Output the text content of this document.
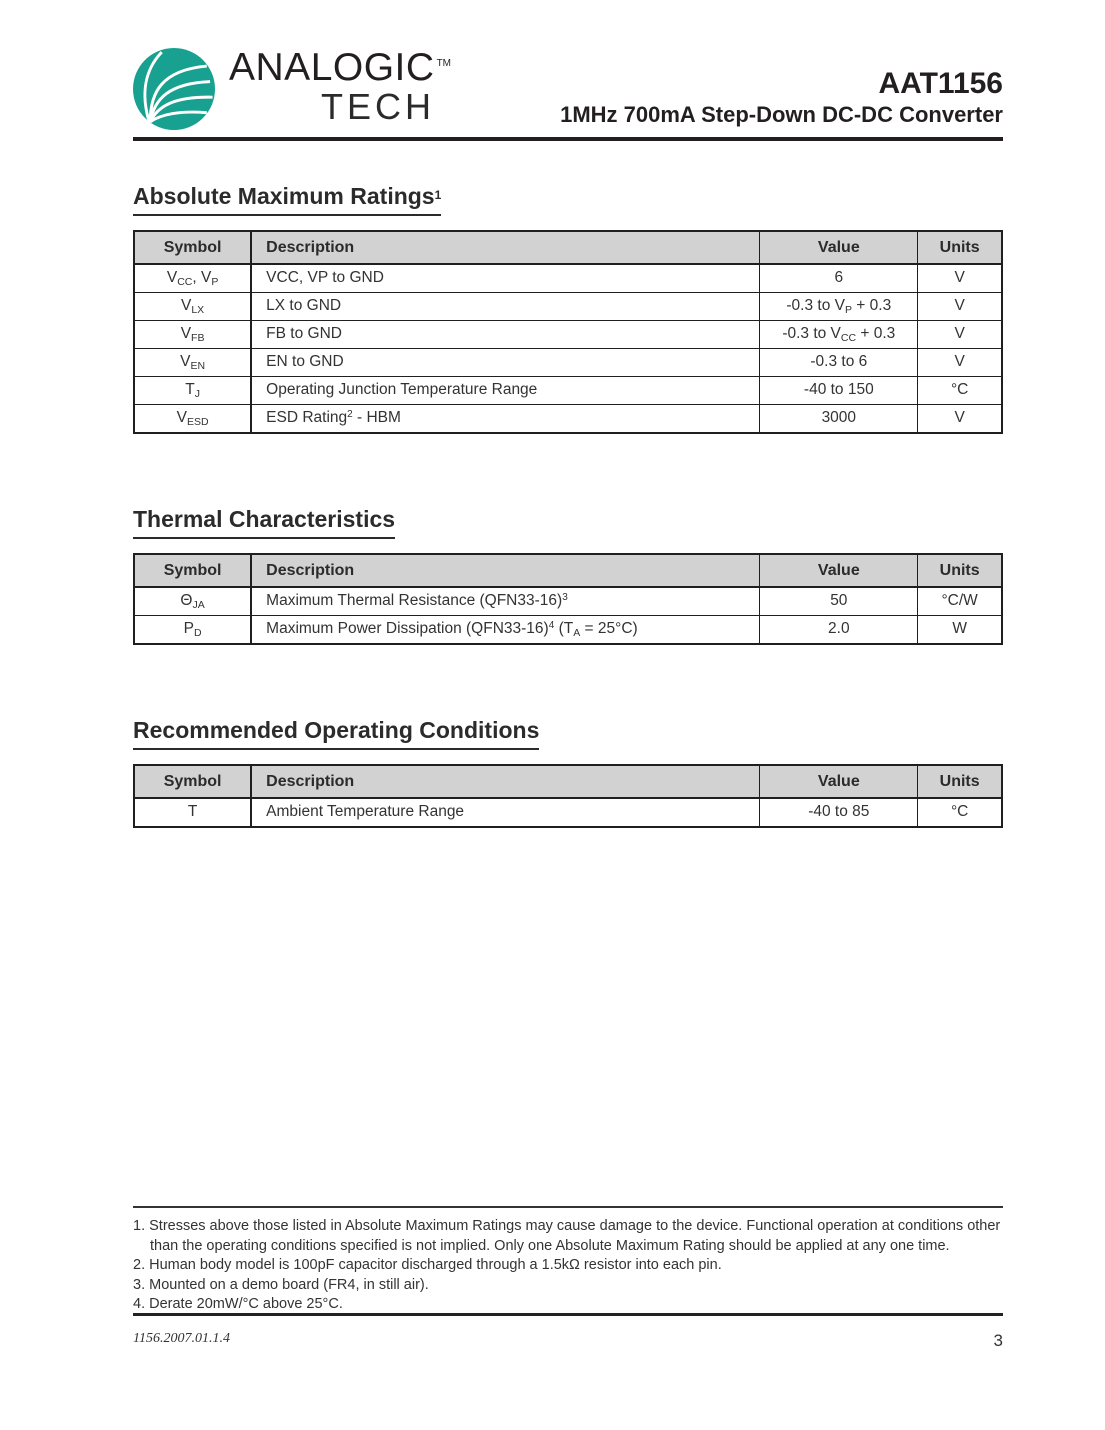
ANALOGIC ™
TECH
AAT1156
1MHz 700mA Step-Down DC-DC Converter
Absolute Maximum Ratings$^1$
Symbol	Description	Value	Units
$V_{CC}$, $V_P$	VCC, VP to GND	6	V
$V_{LX}$	LX to GND	-0.3 to $V_P + 0.3$	V
$V_{FB}$	FB to GND	-0.3 to $V_{CC} + 0.3$	V
$V_{EN}$	EN to GND	-0.3 to 6	V
$T_J$	Operating Junction Temperature Range	-40 to 150	°C
$V_{ESD}$	ESD Rating$^2$ - HBM	3000	V
Thermal Characteristics
Symbol	Description	Value	Units
$\Theta_{JA}$	Maximum Thermal Resistance $(QFN33-16)^3$	50	°C/W
$P_D$	Maximum Power Dissipation $(QFN33-16)^4$ $(T_A = 25^\circ C)$	2.0	W
Recommended Operating Conditions
Symbol	Description	Value	Units
T	Ambient Temperature Range	-40 to 85	°C
1. Stresses above those listed in Absolute Maximum Ratings may cause damage to the device. Functional operation at conditions other than the operating conditions specified is not implied. Only one Absolute Maximum Rating should be applied at any one time.
2. Human body model is 100pF capacitor discharged through a 1.5kΩ resistor into each pin.
3. Mounted on a demo board (FR4, in still air).
4. Derate 20mW/°C above 25°C.
1156.2007.01.1.4	3
